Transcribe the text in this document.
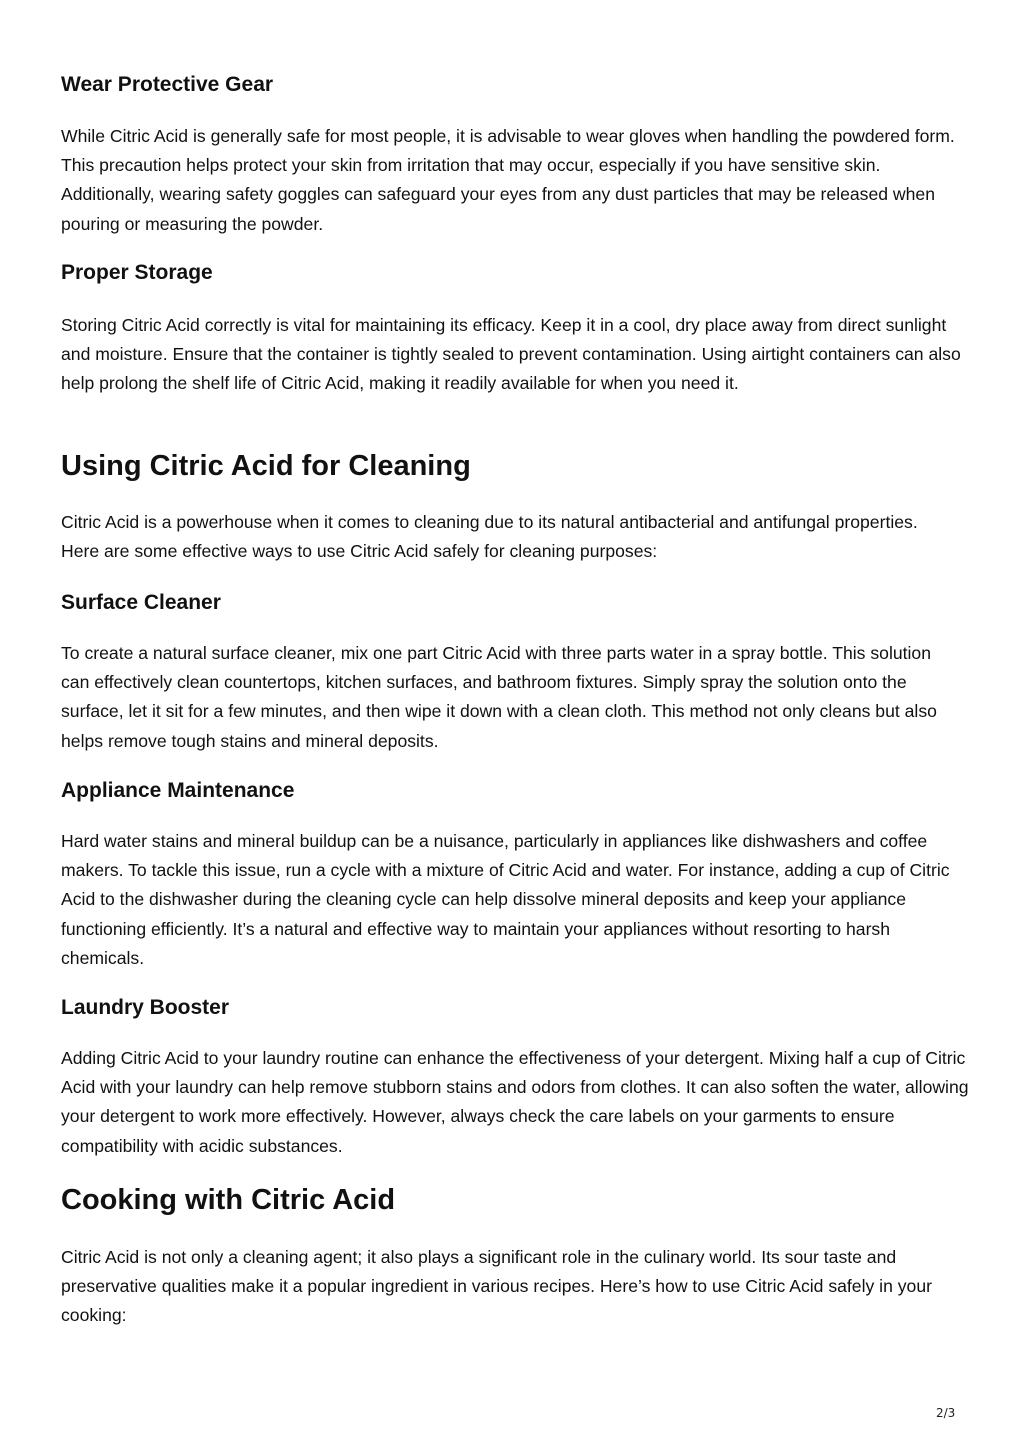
Wear Protective Gear

While Citric Acid is generally safe for most people, it is advisable to wear gloves when handling the powdered form. This precaution helps protect your skin from irritation that may occur, especially if you have sensitive skin. Additionally, wearing safety goggles can safeguard your eyes from any dust particles that may be released when pouring or measuring the powder.

Proper Storage

Storing Citric Acid correctly is vital for maintaining its efficacy. Keep it in a cool, dry place away from direct sunlight and moisture. Ensure that the container is tightly sealed to prevent contamination. Using airtight containers can also help prolong the shelf life of Citric Acid, making it readily available for when you need it.

Using Citric Acid for Cleaning

Citric Acid is a powerhouse when it comes to cleaning due to its natural antibacterial and antifungal properties. Here are some effective ways to use Citric Acid safely for cleaning purposes:

Surface Cleaner

To create a natural surface cleaner, mix one part Citric Acid with three parts water in a spray bottle. This solution can effectively clean countertops, kitchen surfaces, and bathroom fixtures. Simply spray the solution onto the surface, let it sit for a few minutes, and then wipe it down with a clean cloth. This method not only cleans but also helps remove tough stains and mineral deposits.

Appliance Maintenance

Hard water stains and mineral buildup can be a nuisance, particularly in appliances like dishwashers and coffee makers. To tackle this issue, run a cycle with a mixture of Citric Acid and water. For instance, adding a cup of Citric Acid to the dishwasher during the cleaning cycle can help dissolve mineral deposits and keep your appliance functioning efficiently. It’s a natural and effective way to maintain your appliances without resorting to harsh chemicals.

Laundry Booster

Adding Citric Acid to your laundry routine can enhance the effectiveness of your detergent. Mixing half a cup of Citric Acid with your laundry can help remove stubborn stains and odors from clothes. It can also soften the water, allowing your detergent to work more effectively. However, always check the care labels on your garments to ensure compatibility with acidic substances.

Cooking with Citric Acid

Citric Acid is not only a cleaning agent; it also plays a significant role in the culinary world. Its sour taste and preservative qualities make it a popular ingredient in various recipes. Here’s how to use Citric Acid safely in your cooking:

2/3
